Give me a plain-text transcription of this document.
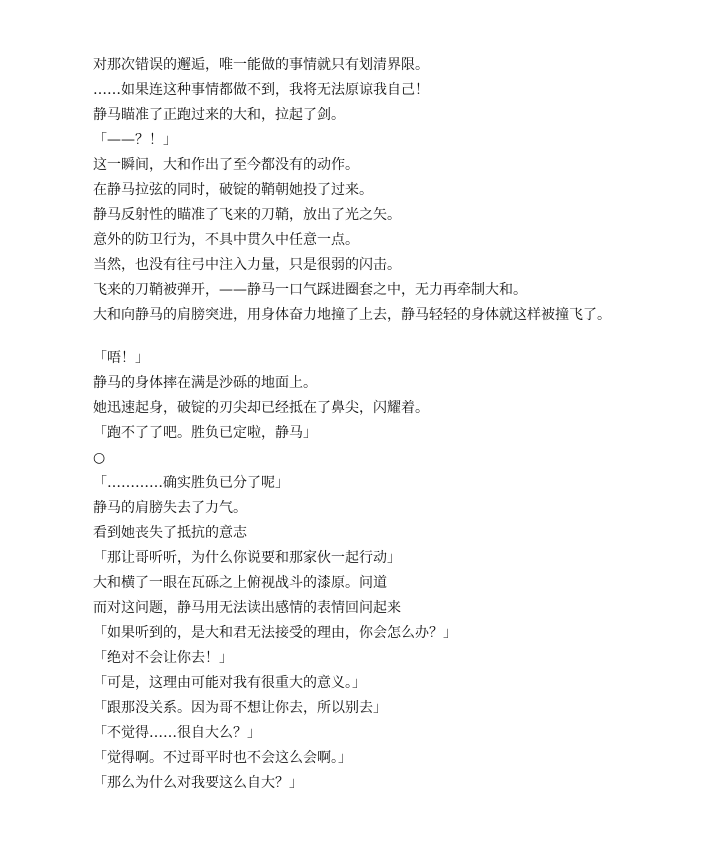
对那次错误的邂逅，唯一能做的事情就只有划清界限。

……如果连这种事情都做不到，我将无法原谅我自己！

静马瞄准了正跑过来的大和，拉起了剑。

「——？！」

这一瞬间，大和作出了至今都没有的动作。

在静马拉弦的同时，破锭的鞘朝她投了过来。

静马反射性的瞄准了飞来的刀鞘，放出了光之矢。

意外的防卫行为，不具中贯久中任意一点。

当然，也没有往弓中注入力量，只是很弱的闪击。

飞来的刀鞘被弹开，——静马一口气踩进圈套之中，无力再牵制大和。

大和向静马的肩膀突进，用身体奋力地撞了上去，静马轻轻的身体就这样被撞飞了。

「唔！」

静马的身体摔在满是沙砾的地面上。

她迅速起身，破锭的刃尖却已经抵在了鼻尖，闪耀着。

「跑不了了吧。胜负已定啦，静马」

○

「…………确实胜负已分了呢」

静马的肩膀失去了力气。

看到她丧失了抵抗的意志

「那让哥听听，为什么你说要和那家伙一起行动」

大和横了一眼在瓦砾之上俯视战斗的漆原。问道

而对这问题，静马用无法读出感情的表情回问起来

「如果听到的，是大和君无法接受的理由，你会怎么办？」

「绝对不会让你去！」

「可是，这理由可能对我有很重大的意义。」

「跟那没关系。因为哥不想让你去，所以别去」

「不觉得……很自大么？」

「觉得啊。不过哥平时也不会这么会啊。」

「那么为什么对我要这么自大？」
